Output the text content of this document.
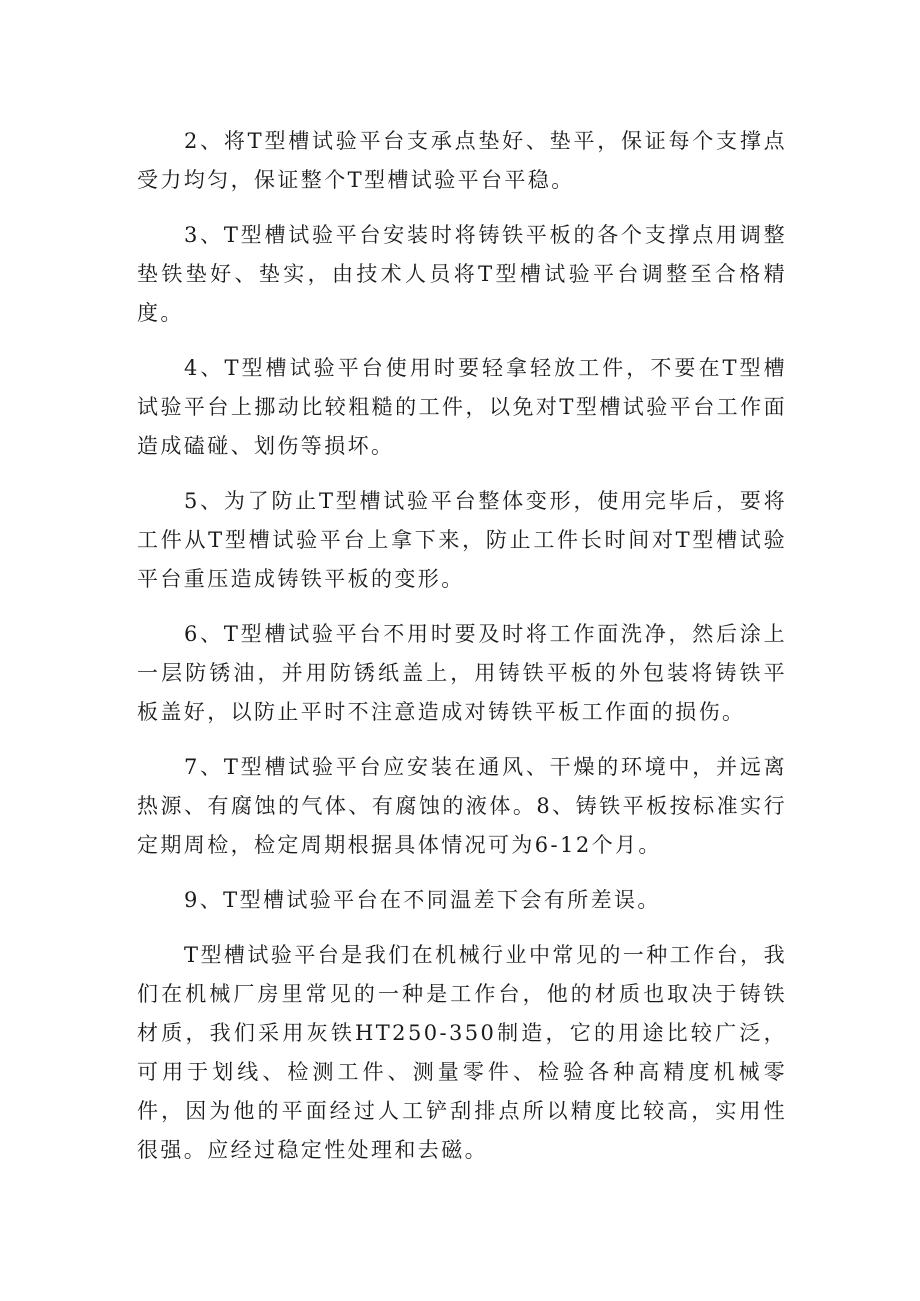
2、将T型槽试验平台支承点垫好、垫平，保证每个支撑点受力均匀，保证整个T型槽试验平台平稳。

3、T型槽试验平台安装时将铸铁平板的各个支撑点用调整垫铁垫好、垫实，由技术人员将T型槽试验平台调整至合格精度。

4、T型槽试验平台使用时要轻拿轻放工件，不要在T型槽试验平台上挪动比较粗糙的工件，以免对T型槽试验平台工作面造成磕碰、划伤等损坏。

5、为了防止T型槽试验平台整体变形，使用完毕后，要将工件从T型槽试验平台上拿下来，防止工件长时间对T型槽试验平台重压造成铸铁平板的变形。

6、T型槽试验平台不用时要及时将工作面洗净，然后涂上一层防锈油，并用防锈纸盖上，用铸铁平板的外包装将铸铁平板盖好，以防止平时不注意造成对铸铁平板工作面的损伤。

7、T型槽试验平台应安装在通风、干燥的环境中，并远离热源、有腐蚀的气体、有腐蚀的液体。8、铸铁平板按标准实行定期周检，检定周期根据具体情况可为6-12个月。

9、T型槽试验平台在不同温差下会有所差误。

T型槽试验平台是我们在机械行业中常见的一种工作台，我们在机械厂房里常见的一种是工作台，他的材质也取决于铸铁材质，我们采用灰铁HT250-350制造，它的用途比较广泛，可用于划线、检测工件、测量零件、检验各种高精度机械零件，因为他的平面经过人工铲刮排点所以精度比较高，实用性很强。应经过稳定性处理和去磁。
